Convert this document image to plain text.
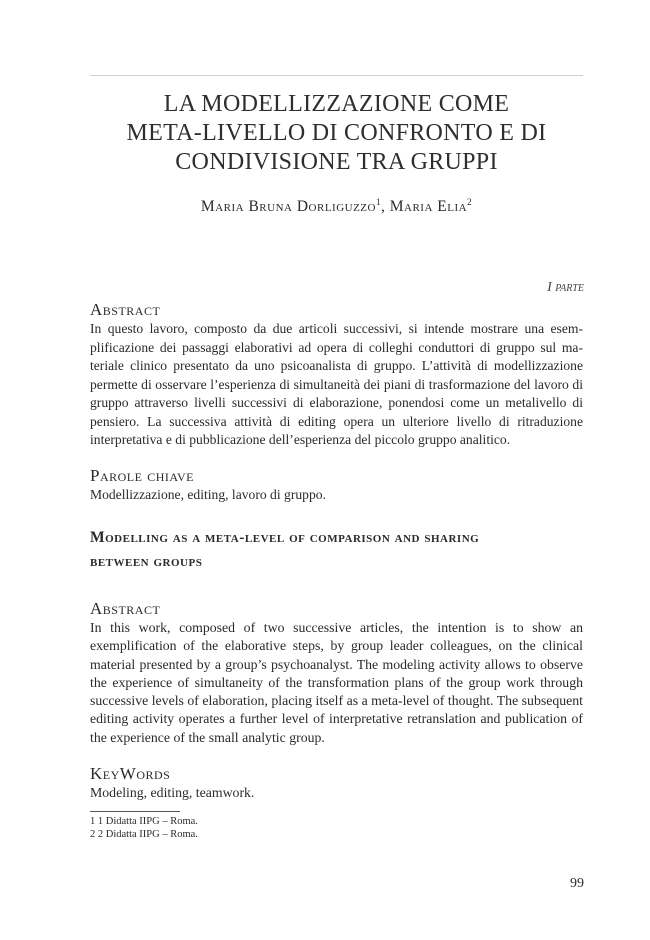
LA MODELLIZZAZIONE COME
META-LIVELLO DI CONFRONTO E DI
CONDIVISIONE TRA GRUPPI
Maria Bruna Dorliguzzo$^1$, Maria Elia$^2$
I parte
Abstract
In questo lavoro, composto da due articoli successivi, si intende mostrare una esemplificazione dei passaggi elaborativi ad opera di colleghi conduttori di gruppo sul materiale clinico presentato da uno psicoanalista di gruppo. L’attività di modellizzazione permette di osservare l’esperienza di simultaneità dei piani di trasformazione del lavoro di gruppo attraverso livelli successivi di elaborazione, ponendosi come un metalivello di pensiero. La successiva attività di editing opera un ulteriore livello di ritraduzione interpretativa e di pubblicazione dell’esperienza del piccolo gruppo analitico.
Parole chiave
Modellizzazione, editing, lavoro di gruppo.
Modelling as a meta-level of comparison and sharing
between groups
Abstract
In this work, composed of two successive articles, the intention is to show an exemplification of the elaborative steps, by group leader colleagues, on the clinical material presented by a group’s psychoanalyst. The modeling activity allows to observe the experience of simultaneity of the transformation plans of the group work through successive levels of elaboration, placing itself as a meta-level of thought. The subsequent editing activity operates a further level of interpretative retranslation and publication of the experience of the small analytic group.
KeyWords
Modeling, editing, teamwork.
1 1 Didatta IIPG – Roma.
2 2 Didatta IIPG – Roma.
99
